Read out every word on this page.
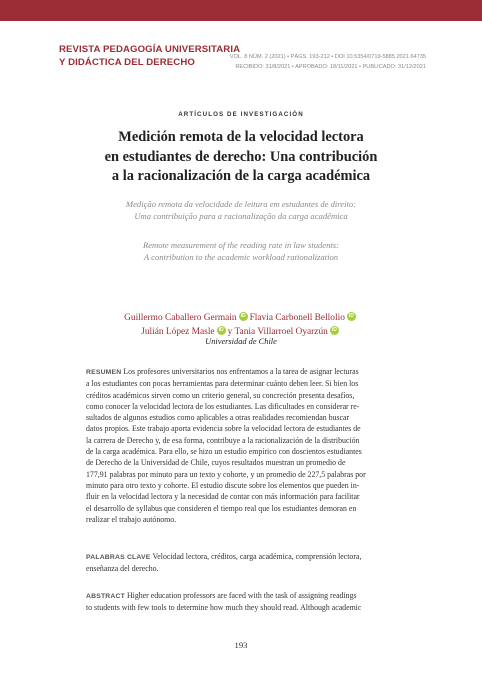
REVISTA PEDAGOGÍA UNIVERSITARIA
Y DIDÁCTICA DEL DERECHO	VOL. 8 NÚM. 2 (2021) • PÁGS. 193-212 • DOI 10.5354/0719-5885.2021.64735
RECIBIDO: 31/8/2021 • APROBADO: 18/11/2021 • PUBLICADO: 31/12/2021
ARTÍCULOS DE INVESTIGACIÓN
Medición remota de la velocidad lectora
en estudiantes de derecho: Una contribución
a la racionalización de la carga académica
Medição remota da velocidade de leitura em estudantes de direito:
Uma contribuição para a racionalização da carga acadêmica
Remote measurement of the reading rate in law students:
A contribution to the academic workload rationalization
Guillermo Caballero Germain iD Flavia Carbonell Bellolio iD
Julián López Masle iD y Tania Villarroel Oyarzún iD
Universidad de Chile
RESUMEN Los profesores universitarios nos enfrentamos a la tarea de asignar lecturas
a los estudiantes con pocas herramientas para determinar cuánto deben leer. Si bien los
créditos académicos sirven como un criterio general, su concreción presenta desafíos,
como conocer la velocidad lectora de los estudiantes. Las dificultades en considerar re-
sultados de algunos estudios como aplicables a otras realidades recomiendan buscar
datos propios. Este trabajo aporta evidencia sobre la velocidad lectora de estudiantes de
la carrera de Derecho y, de esa forma, contribuye a la racionalización de la distribución
de la carga académica. Para ello, se hizo un estudio empírico con doscientos estudiantes
de Derecho de la Universidad de Chile, cuyos resultados muestran un promedio de
177,91 palabras por minuto para un texto y cohorte, y un promedio de 227,5 palabras por
minuto para otro texto y cohorte. El estudio discute sobre los elementos que pueden in-
fluir en la velocidad lectora y la necesidad de contar con más información para facilitar
el desarrollo de syllabus que consideren el tiempo real que los estudiantes demoran en
realizar el trabajo autónomo.
PALABRAS CLAVE Velocidad lectora, créditos, carga académica, comprensión lectora,
enseñanza del derecho.
ABSTRACT Higher education professors are faced with the task of assigning readings
to students with few tools to determine how much they should read. Although academic
193
